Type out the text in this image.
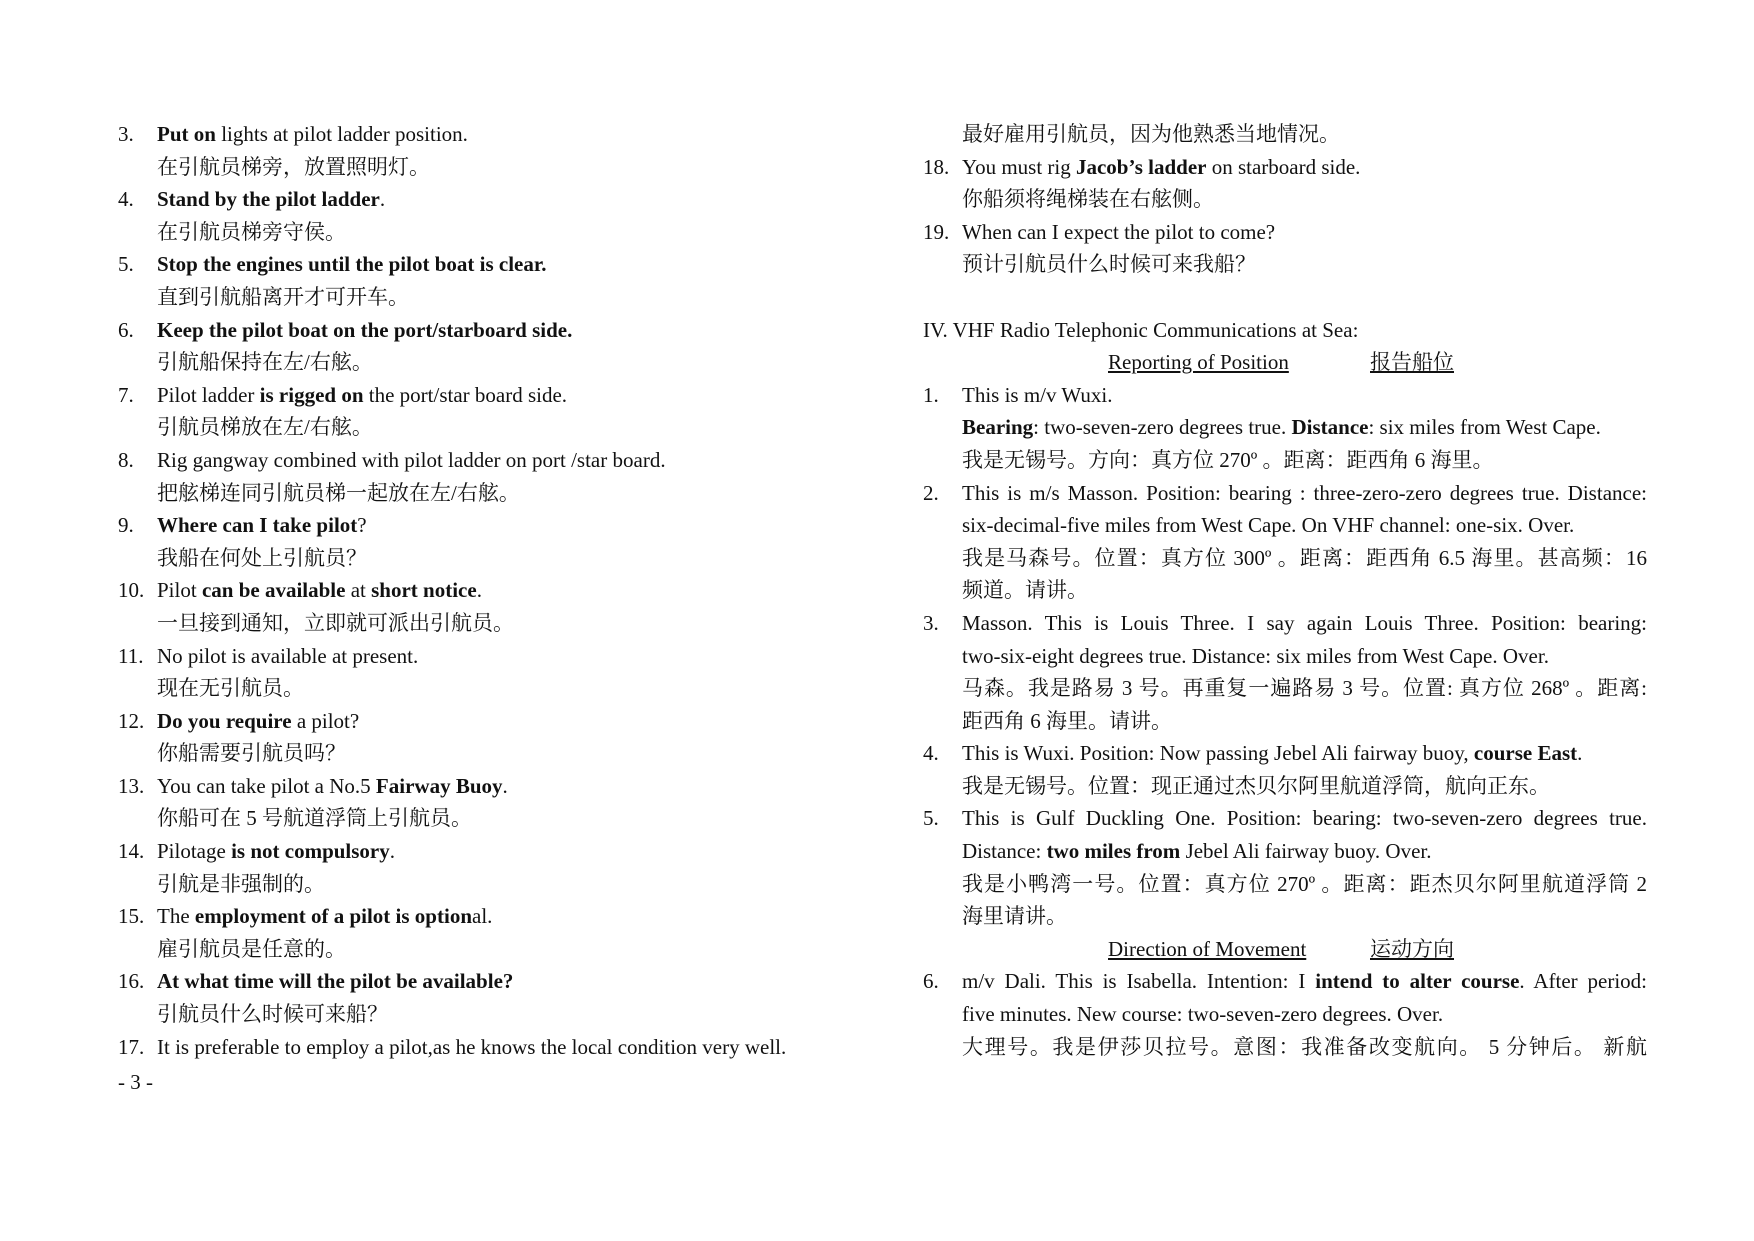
3. Put on lights at pilot ladder position.
在引航员梯旁，放置照明灯。
4. Stand by the pilot ladder.
在引航员梯旁守侯。
5. Stop the engines until the pilot boat is clear.
直到引航船离开才可开车。
6. Keep the pilot boat on the port/starboard side.
引航船保持在左/右舷。
7. Pilot ladder is rigged on the port/star board side.
引航员梯放在左/右舷。
8. Rig gangway combined with pilot ladder on port /star board.
把舷梯连同引航员梯一起放在左/右舷。
9. Where can I take pilot?
我船在何处上引航员？
10. Pilot can be available at short notice.
一旦接到通知，立即就可派出引航员。
11. No pilot is available at present.
现在无引航员。
12. Do you require a pilot?
你船需要引航员吗？
13. You can take pilot a No.5 Fairway Buoy.
你船可在 5 号航道浮筒上引航员。
14. Pilotage is not compulsory.
引航是非强制的。
15. The employment of a pilot is optional.
雇引航员是任意的。
16. At what time will the pilot be available?
引航员什么时候可来船？
17. It is preferable to employ a pilot,as he knows the local condition very well.
- 3 -
最好雇用引航员，因为他熟悉当地情况。
18. You must rig Jacob’s ladder on starboard side.
你船须将绳梯装在右舷侧。
19. When can I expect the pilot to come?
预计引航员什么时候可来我船？
IV. VHF Radio Telephonic Communications at Sea:
Reporting of Position	报告船位
1. This is m/v Wuxi.
Bearing: two-seven-zero degrees true. Distance: six miles from West Cape.
我是无锡号。方向：真方位 270º 。距离：距西角 6 海里。
2. This is m/s Masson. Position: bearing : three-zero-zero degrees true. Distance:
six-decimal-five miles from West Cape. On VHF channel: one-six. Over.
我是马森号。位置：真方位 300º 。距离：距西角 6.5 海里。甚高频：16
频道。请讲。
3. Masson. This is Louis Three. I say again Louis Three. Position: bearing:
two-six-eight degrees true. Distance: six miles from West Cape. Over.
马森。我是路易 3 号。再重复一遍路易 3 号。位置: 真方位 268º 。距离:
距西角 6 海里。请讲。
4. This is Wuxi. Position: Now passing Jebel Ali fairway buoy, course East.
我是无锡号。位置：现正通过杰贝尔阿里航道浮筒，航向正东。
5. This is Gulf Duckling One. Position: bearing: two-seven-zero degrees true.
Distance: two miles from Jebel Ali fairway buoy. Over.
我是小鸭湾一号。位置：真方位 270º 。距离：距杰贝尔阿里航道浮筒 2
海里请讲。
Direction of Movement	运动方向
6. m/v Dali. This is Isabella. Intention: I intend to alter course. After period:
five minutes. New course: two-seven-zero degrees. Over.
大理号。我是伊莎贝拉号。意图：我准备改变航向。 5 分钟后。 新航
